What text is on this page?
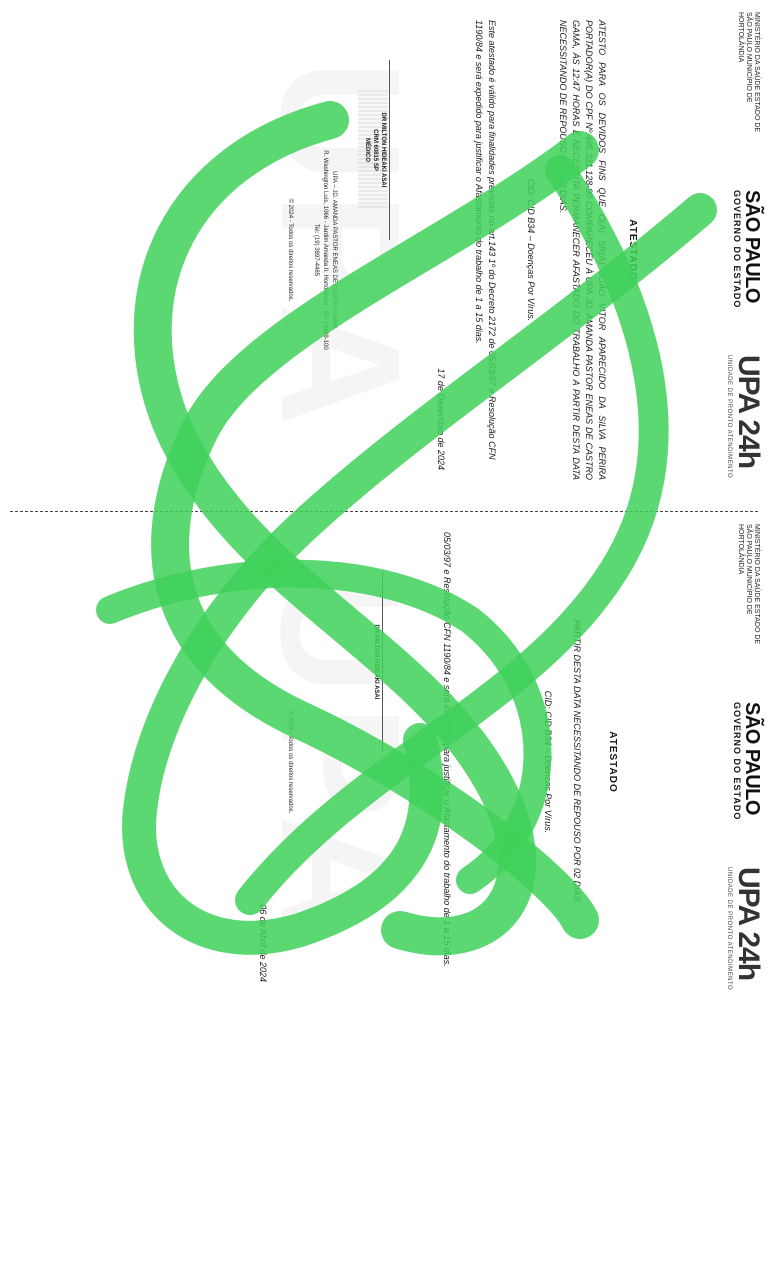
MINISTÉRIO DA SAÚDE ESTADO DE SÃO PAULO MUNICÍPIO DE HORTOLÂNDIA
SÃO PAULO
GOVERNO DO ESTADO
UPA 24h
UNIDADE DE PRONTO ATENDIMENTO
ATESTADO
ATESTO PARA OS DEVIDOS FINS QUE O(A) SR(A) JOÃO VITOR APARECIDO DA SILVA PERIRA PORTADOR(A) DO CPF Nº 485.331.128-90 COMPARECEU À UPA JD. AMANDA PASTOR ENEAS DE CASTRO GAMA, ÀS 12:47 HORAS E NECESSITA PERMANECER AFASTADO DO TRABALHO A PARTIR DESTA DATA NECESSITANDO DE REPOUSO POR 10 DIAS.
CID: CID B34 – Doenças Por Vírus.
Este atestado é válido para finalidades previstas no art.143 1º do Decreto 2172 de 05/03/97 e Resolução CFN 1190/84 e será expedido para justificar o Afastamento do trabalho de 1 a 15 dias.
17 de Dezembro de 2024
DR MILTON HIDEAKI ASAI
CRM 60815 SP
MÉDICO
UPA – JD. AMANDA PASTOR ENEAS DE CASTRO GAMA
R. Washington Luís, 1066 - Jardim Amanda II, Hortolândia - SP, 13188-100
Tel: (19) 3897-4485
© 2024 - Todos os direitos reservados.
MINISTÉRIO DA SAÚDE ESTADO DE SÃO PAULO MUNICÍPIO DE HORTOLÂNDIA
SÃO PAULO
GOVERNO DO ESTADO
UPA 24h
UNIDADE DE PRONTO ATENDIMENTO
ATESTADO
PARTIR DESTA DATA NECESSITANDO DE REPOUSO POR 02 DIAS.
CID: CID B34 – Doenças Por Vírus.
05/03/97 e Resolução CFN 1190/84 e será expedido para justificar o Afastamento do trabalho de 1 a 15 dias.
06 de Abril de 2024
DR MILTON HIDEAKI ASAI
© 2024 - Todos os direitos reservados.
